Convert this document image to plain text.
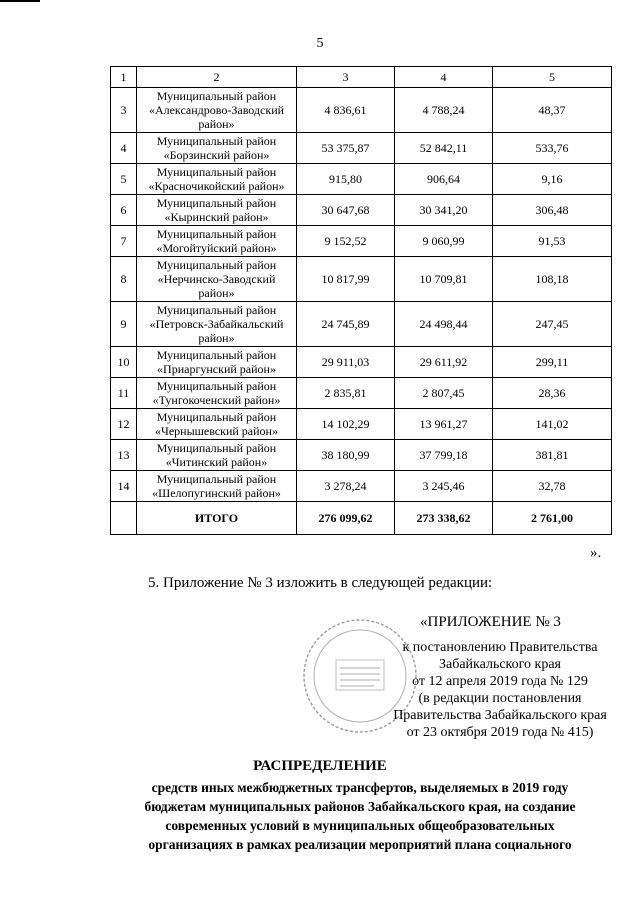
5
1	2	3	4	5
3	Муниципальный район
«Александрово-Заводский
район»	4 836,61	4 788,24	48,37
4	Муниципальный район
«Борзинский район»	53 375,87	52 842,11	533,76
5	Муниципальный район
«Красночикойский район»	915,80	906,64	9,16
6	Муниципальный район
«Кыринский район»	30 647,68	30 341,20	306,48
7	Муниципальный район
«Могойтуйский район»	9 152,52	9 060,99	91,53
8	Муниципальный район
«Нерчинско-Заводский
район»	10 817,99	10 709,81	108,18
9	Муниципальный район
«Петровск-Забайкальский
район»	24 745,89	24 498,44	247,45
10	Муниципальный район
«Приаргунский район»	29 911,03	29 611,92	299,11
11	Муниципальный район
«Тунгокоченский район»	2 835,81	2 807,45	28,36
12	Муниципальный район
«Чернышевский район»	14 102,29	13 961,27	141,02
13	Муниципальный район
«Читинский район»	38 180,99	37 799,18	381,81
14	Муниципальный район
«Шелопугинский район»	3 278,24	3 245,46	32,78
	ИТОГО	276 099,62	273 338,62	2 761,00
».
5. Приложение № 3 изложить в следующей редакции:
«ПРИЛОЖЕНИЕ № 3
к постановлению Правительства
Забайкальского края
от 12 апреля 2019 года № 129
(в редакции постановления
Правительства Забайкальского края
от 23 октября 2019 года № 415)
РАСПРЕДЕЛЕНИЕ
средств иных межбюджетных трансфертов, выделяемых в 2019 году
бюджетам муниципальных районов Забайкальского края, на создание
современных условий в муниципальных общеобразовательных
организациях в рамках реализации мероприятий плана социального
